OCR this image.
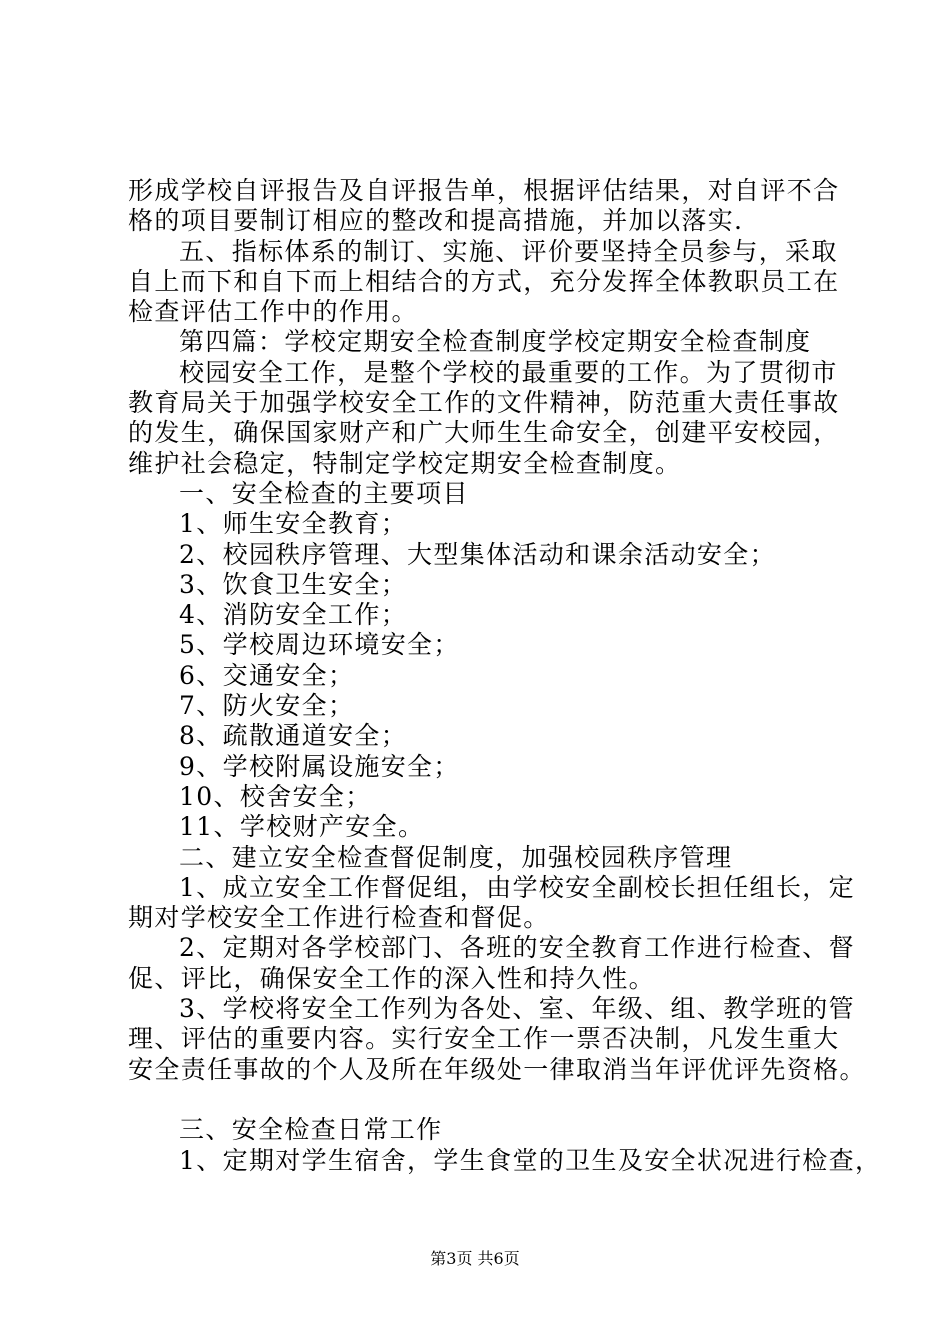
形成学校自评报告及自评报告单，根据评估结果，对自评不合
格的项目要制订相应的整改和提高措施，并加以落实.
五、指标体系的制订、实施、评价要坚持全员参与，采取
自上而下和自下而上相结合的方式，充分发挥全体教职员工在
检查评估工作中的作用。
第四篇：学校定期安全检查制度学校定期安全检查制度
校园安全工作，是整个学校的最重要的工作。为了贯彻市
教育局关于加强学校安全工作的文件精神，防范重大责任事故
的发生，确保国家财产和广大师生生命安全，创建平安校园，
维护社会稳定，特制定学校定期安全检查制度。
一、安全检查的主要项目
1、师生安全教育；
2、校园秩序管理、大型集体活动和课余活动安全；
3、饮食卫生安全；
4、消防安全工作；
5、学校周边环境安全；
6、交通安全；
7、防火安全；
8、疏散通道安全；
9、学校附属设施安全；
10、校舍安全；
11、学校财产安全。
二、建立安全检查督促制度，加强校园秩序管理
1、成立安全工作督促组，由学校安全副校长担任组长，定
期对学校安全工作进行检查和督促。
2、定期对各学校部门、各班的安全教育工作进行检查、督
促、评比，确保安全工作的深入性和持久性。
3、学校将安全工作列为各处、室、年级、组、教学班的管
理、评估的重要内容。实行安全工作一票否决制，凡发生重大
安全责任事故的个人及所在年级处一律取消当年评优评先资格。
三、安全检查日常工作
1、定期对学生宿舍，学生食堂的卫生及安全状况进行检查，
第3页 共6页
